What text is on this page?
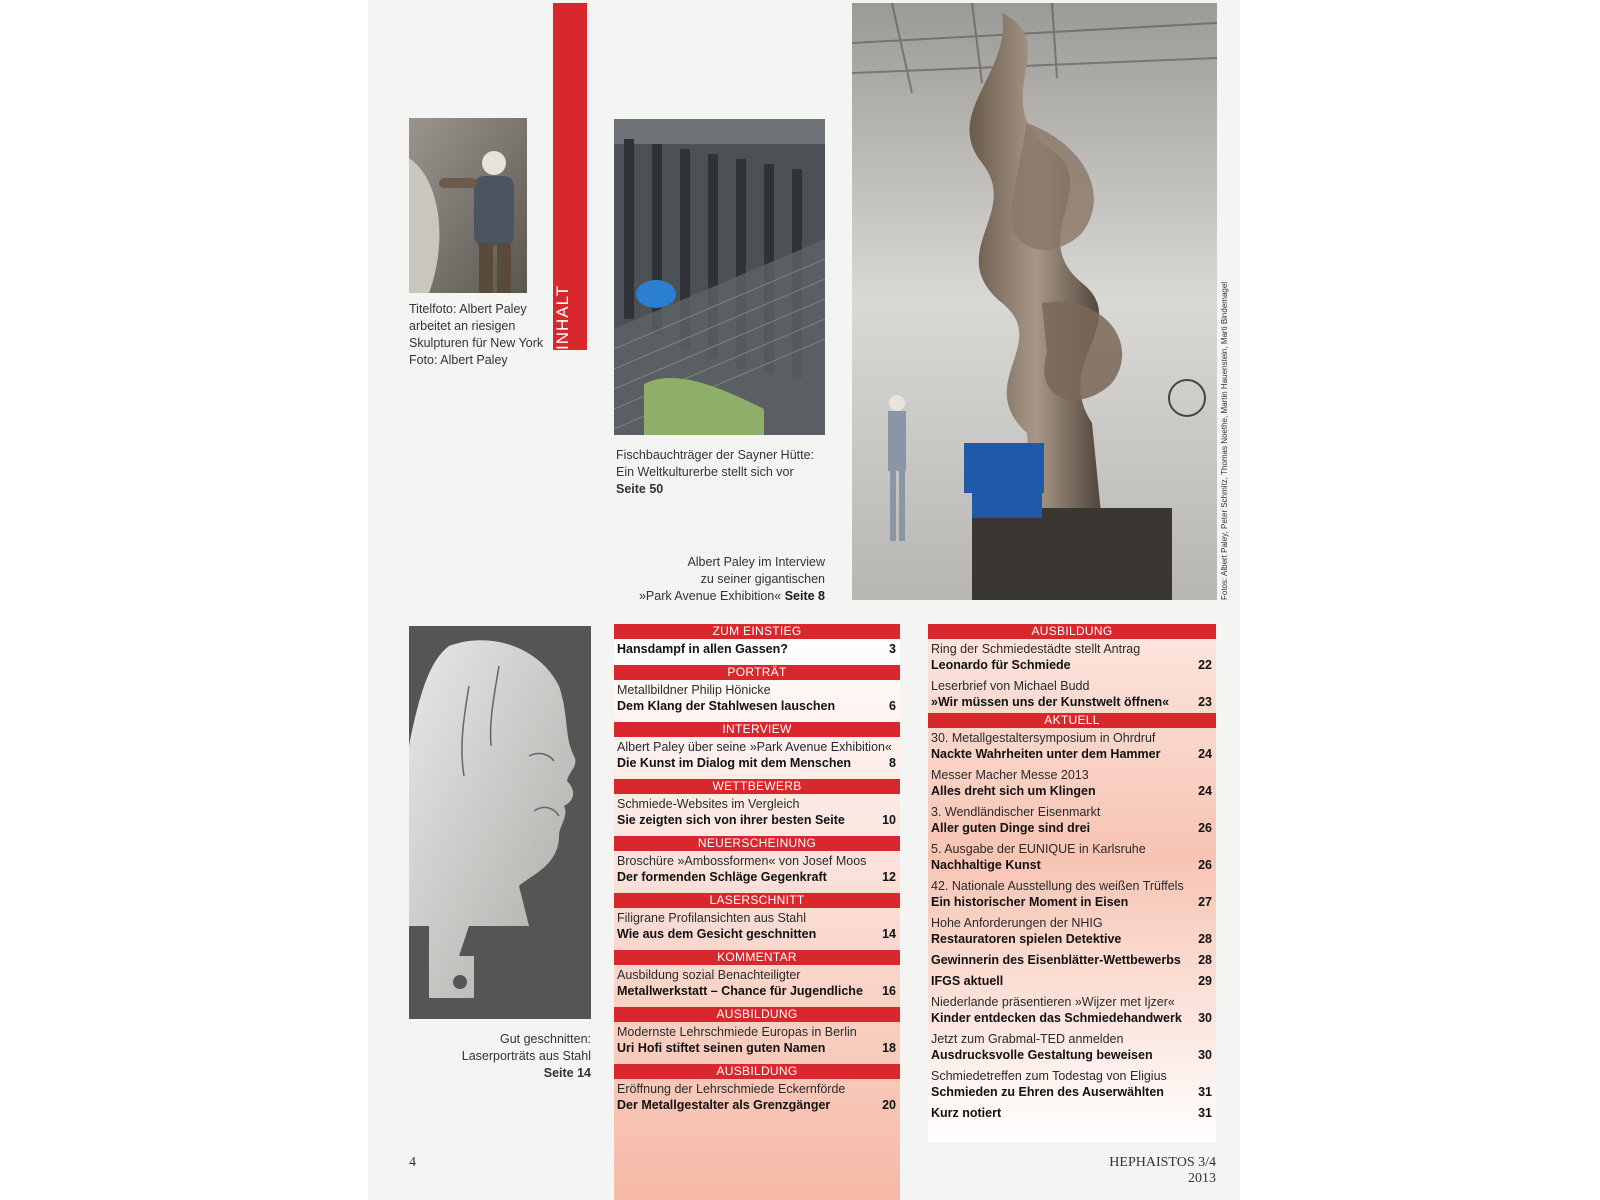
INHALT
Titelfoto: Albert Paley
arbeitet an riesigen
Skulpturen für New York
Foto: Albert Paley
Fischbauchträger der Sayner Hütte:
Ein Weltkulturerbe stellt sich vor
Seite 50	Fotos: Albert Paley, Peter Schmitz, Thomas Noethe, Martin Hauenstein, Marti Bindemagel
Albert Paley im Interview
zu seiner gigantischen
»Park Avenue Exhibition« Seite 8
Gut geschnitten:
Laserporträts aus Stahl
Seite 14
ZUM EINSTIEG
Hansdampf in allen Gassen?	3
PORTRÄT
Metallbildner Philip Hönicke
Dem Klang der Stahlwesen lauschen	6
INTERVIEW
Albert Paley über seine »Park Avenue Exhibition«
Die Kunst im Dialog mit dem Menschen	8
WETTBEWERB
Schmiede-Websites im Vergleich
Sie zeigten sich von ihrer besten Seite	10
NEUERSCHEINUNG
Broschüre »Ambossformen« von Josef Moos
Der formenden Schläge Gegenkraft	12
LASERSCHNITT
Filigrane Profilansichten aus Stahl
Wie aus dem Gesicht geschnitten	14
KOMMENTAR
Ausbildung sozial Benachteiligter
Metallwerkstatt – Chance für Jugendliche	16
AUSBILDUNG
Modernste Lehrschmiede Europas in Berlin
Uri Hofi stiftet seinen guten Namen	18
AUSBILDUNG
Eröffnung der Lehrschmiede Eckernförde
Der Metallgestalter als Grenzgänger	20
AUSBILDUNG
Ring der Schmiedestädte stellt Antrag
Leonardo für Schmiede	22
Leserbrief von Michael Budd
»Wir müssen uns der Kunstwelt öffnen«	23
AKTUELL
30. Metallgestaltersymposium in Ohrdruf
Nackte Wahrheiten unter dem Hammer	24
Messer Macher Messe 2013
Alles dreht sich um Klingen	24
3. Wendländischer Eisenmarkt
Aller guten Dinge sind drei	26
5. Ausgabe der EUNIQUE in Karlsruhe
Nachhaltige Kunst	26
42. Nationale Ausstellung des weißen Trüffels
Ein historischer Moment in Eisen	27
Hohe Anforderungen der NHIG
Restauratoren spielen Detektive	28
Gewinnerin des Eisenblätter-Wettbewerbs	28
IFGS aktuell	29
Niederlande präsentieren »Wijzer met Ijzer«
Kinder entdecken das Schmiedehandwerk	30
Jetzt zum Grabmal-TED anmelden
Ausdrucksvolle Gestaltung beweisen	30
Schmiedetreffen zum Todestag von Eligius
Schmieden zu Ehren des Auserwählten	31
Kurz notiert	31
4	HEPHAISTOS 3/4 2013
